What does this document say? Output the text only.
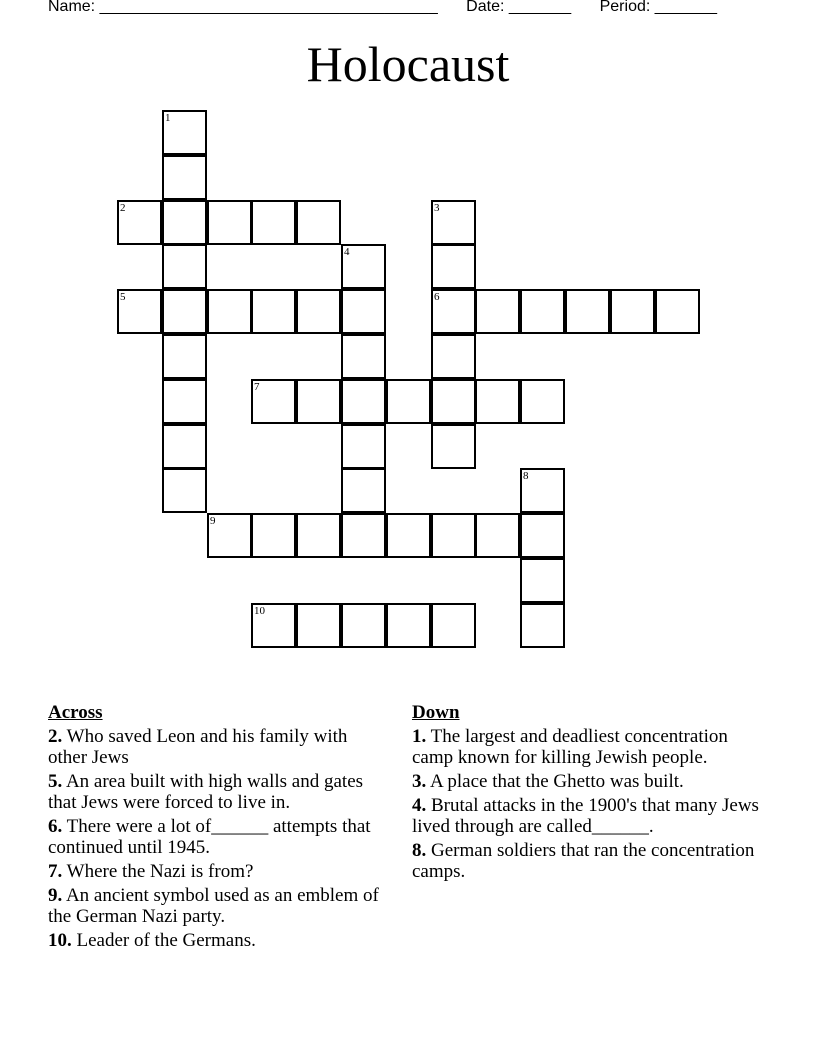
Name: ______________________________________ Date: _______ Period: _______
Holocaust
1
2	3
6
4
5
7
8
9
10
Across
2. Who saved Leon and his family with other Jews
5. An area built with high walls and gates that Jews were forced to live in.
6. There were a lot of______ attempts that continued until 1945.
7. Where the Nazi is from?
9. An ancient symbol used as an emblem of the German Nazi party.
10. Leader of the Germans.
Down
1. The largest and deadliest concentration camp known for killing Jewish people.
3. A place that the Ghetto was built.
4. Brutal attacks in the 1900's that many Jews lived through are called______.
8. German soldiers that ran the concentration camps.
